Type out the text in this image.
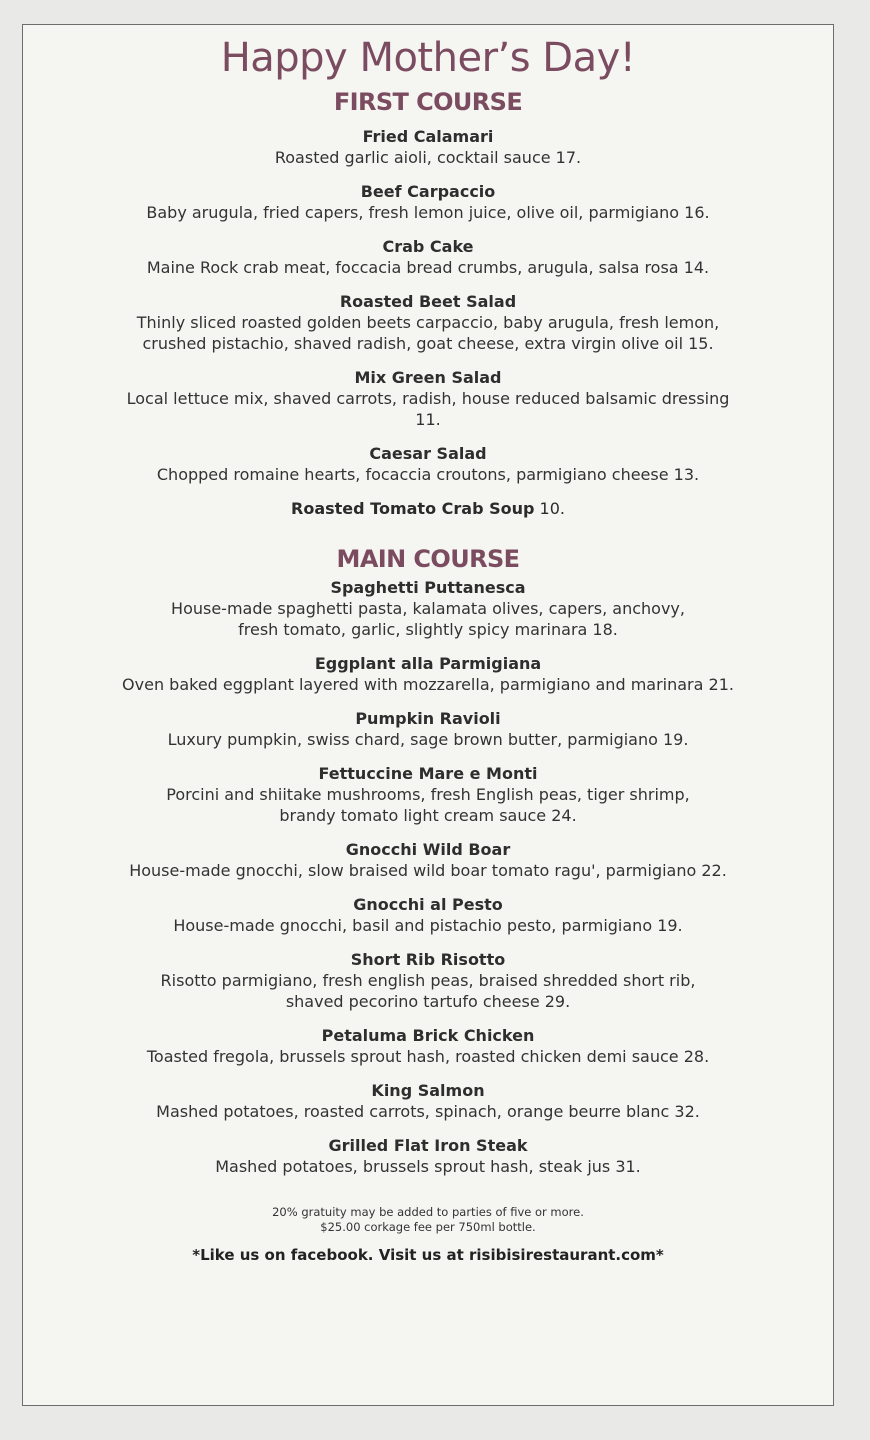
Happy Mother’s Day!
FIRST COURSE
Fried Calamari
Roasted garlic aioli, cocktail sauce 17.
Beef Carpaccio
Baby arugula, fried capers, fresh lemon juice, olive oil, parmigiano 16.
Crab Cake
Maine Rock crab meat, foccacia bread crumbs, arugula, salsa rosa 14.
Roasted Beet Salad
Thinly sliced roasted golden beets carpaccio, baby arugula, fresh lemon,
crushed pistachio, shaved radish, goat cheese, extra virgin olive oil 15.
Mix Green Salad
Local lettuce mix, shaved carrots, radish, house reduced balsamic dressing
11.
Caesar Salad
Chopped romaine hearts, focaccia croutons, parmigiano cheese 13.
Roasted Tomato Crab Soup 10.
MAIN COURSE
Spaghetti Puttanesca
House-made spaghetti pasta, kalamata olives, capers, anchovy,
fresh tomato, garlic, slightly spicy marinara 18.
Eggplant alla Parmigiana
Oven baked eggplant layered with mozzarella, parmigiano and marinara 21.
Pumpkin Ravioli
Luxury pumpkin, swiss chard, sage brown butter, parmigiano 19.
Fettuccine Mare e Monti
Porcini and shiitake mushrooms, fresh English peas, tiger shrimp,
brandy tomato light cream sauce 24.
Gnocchi Wild Boar
House-made gnocchi, slow braised wild boar tomato ragu', parmigiano 22.
Gnocchi al Pesto
House-made gnocchi, basil and pistachio pesto, parmigiano 19.
Short Rib Risotto
Risotto parmigiano, fresh english peas, braised shredded short rib,
shaved pecorino tartufo cheese 29.
Petaluma Brick Chicken
Toasted fregola, brussels sprout hash, roasted chicken demi sauce 28.
King Salmon
Mashed potatoes, roasted carrots, spinach, orange beurre blanc 32.
Grilled Flat Iron Steak
Mashed potatoes, brussels sprout hash, steak jus 31.
20% gratuity may be added to parties of five or more.
$25.00 corkage fee per 750ml bottle.
*Like us on facebook. Visit us at risibisirestaurant.com*
